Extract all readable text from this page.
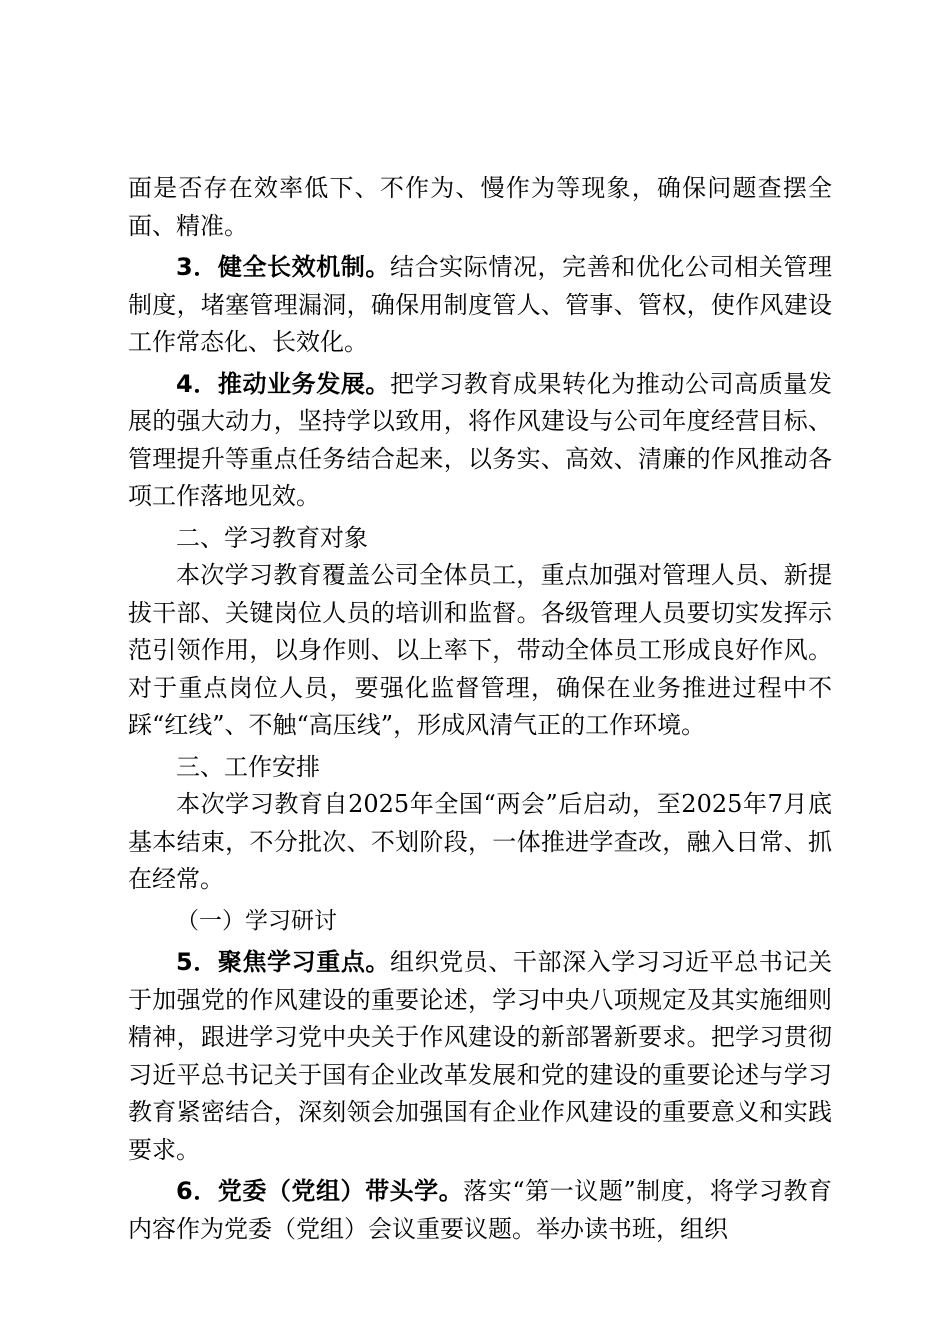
面是否存在效率低下、不作为、慢作为等现象，确保问题查摆全面、精准。

3．健全长效机制。结合实际情况，完善和优化公司相关管理制度，堵塞管理漏洞，确保用制度管人、管事、管权，使作风建设工作常态化、长效化。

4．推动业务发展。把学习教育成果转化为推动公司高质量发展的强大动力，坚持学以致用，将作风建设与公司年度经营目标、管理提升等重点任务结合起来，以务实、高效、清廉的作风推动各项工作落地见效。

二、学习教育对象

本次学习教育覆盖公司全体员工，重点加强对管理人员、新提拔干部、关键岗位人员的培训和监督。各级管理人员要切实发挥示范引领作用，以身作则、以上率下，带动全体员工形成良好作风。对于重点岗位人员，要强化监督管理，确保在业务推进过程中不踩“红线”、不触“高压线”，形成风清气正的工作环境。

三、工作安排

本次学习教育自2025年全国“两会”后启动，至2025年7月底基本结束，不分批次、不划阶段，一体推进学查改，融入日常、抓在经常。

（一）学习研讨

5．聚焦学习重点。组织党员、干部深入学习习近平总书记关于加强党的作风建设的重要论述，学习中央八项规定及其实施细则精神，跟进学习党中央关于作风建设的新部署新要求。把学习贯彻习近平总书记关于国有企业改革发展和党的建设的重要论述与学习教育紧密结合，深刻领会加强国有企业作风建设的重要意义和实践要求。

6．党委（党组）带头学。落实“第一议题”制度，将学习教育内容作为党委（党组）会议重要议题。举办读书班，组织
